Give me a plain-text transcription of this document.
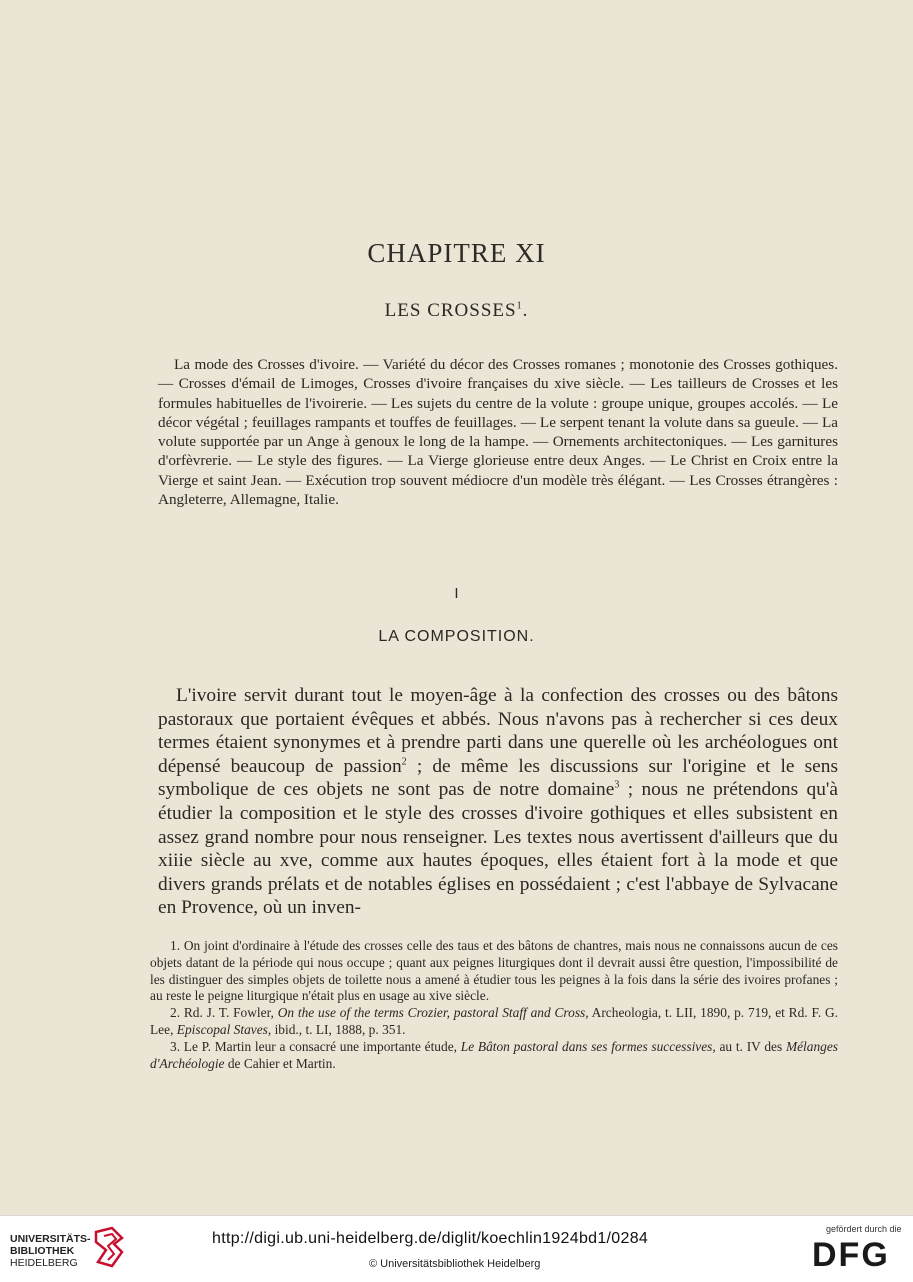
CHAPITRE XI
LES CROSSES$^1$.
La mode des Crosses d'ivoire. — Variété du décor des Crosses romanes ; monotonie des Crosses gothiques. — Crosses d'émail de Limoges, Crosses d'ivoire françaises du xive siècle. — Les tailleurs de Crosses et les formules habituelles de l'ivoirerie. — Les sujets du centre de la volute : groupe unique, groupes accolés. — Le décor végétal ; feuillages rampants et touffes de feuillages. — Le serpent tenant la volute dans sa gueule. — La volute supportée par un Ange à genoux le long de la hampe. — Ornements architectoniques. — Les garnitures d'orfèvrerie. — Le style des figures. — La Vierge glorieuse entre deux Anges. — Le Christ en Croix entre la Vierge et saint Jean. — Exécution trop souvent médiocre d'un modèle très élégant. — Les Crosses étrangères : Angleterre, Allemagne, Italie.
I
LA COMPOSITION.
L'ivoire servit durant tout le moyen-âge à la confection des crosses ou des bâtons pastoraux que portaient évêques et abbés. Nous n'avons pas à rechercher si ces deux termes étaient synonymes et à prendre parti dans une querelle où les archéologues ont dépensé beaucoup de passion$^2$ ; de même les discussions sur l'origine et le sens symbolique de ces objets ne sont pas de notre domaine$^3$ ; nous ne prétendons qu'à étudier la composition et le style des crosses d'ivoire gothiques et elles subsistent en assez grand nombre pour nous renseigner. Les textes nous avertissent d'ailleurs que du xiiie siècle au xve, comme aux hautes époques, elles étaient fort à la mode et que divers grands prélats et de notables églises en possédaient ; c'est l'abbaye de Sylvacane en Provence, où un inven-

1. On joint d'ordinaire à l'étude des crosses celle des taus et des bâtons de chantres, mais nous ne connaissons aucun de ces objets datant de la période qui nous occupe ; quant aux peignes liturgiques dont il devrait aussi être question, l'impossibilité de les distinguer des simples objets de toilette nous a amené à étudier tous les peignes à la fois dans la série des ivoires profanes ; au reste le peigne liturgique n'était plus en usage au xive siècle.

2. Rd. J. T. Fowler, On the use of the terms Crozier, pastoral Staff and Cross, Archeologia, t. LII, 1890, p. 719, et Rd. F. G. Lee, Episcopal Staves, ibid., t. LI, 1888, p. 351.

3. Le P. Martin leur a consacré une importante étude, Le Bâton pastoral dans ses formes successives, au t. IV des Mélanges d'Archéologie de Cahier et Martin.

UNIVERSITÄTS-
BIBLIOTHEK
HEIDELBERG
http://digi.ub.uni-heidelberg.de/diglit/koechlin1924bd1/0284
© Universitätsbibliothek Heidelberg
gefördert durch die
DFG
